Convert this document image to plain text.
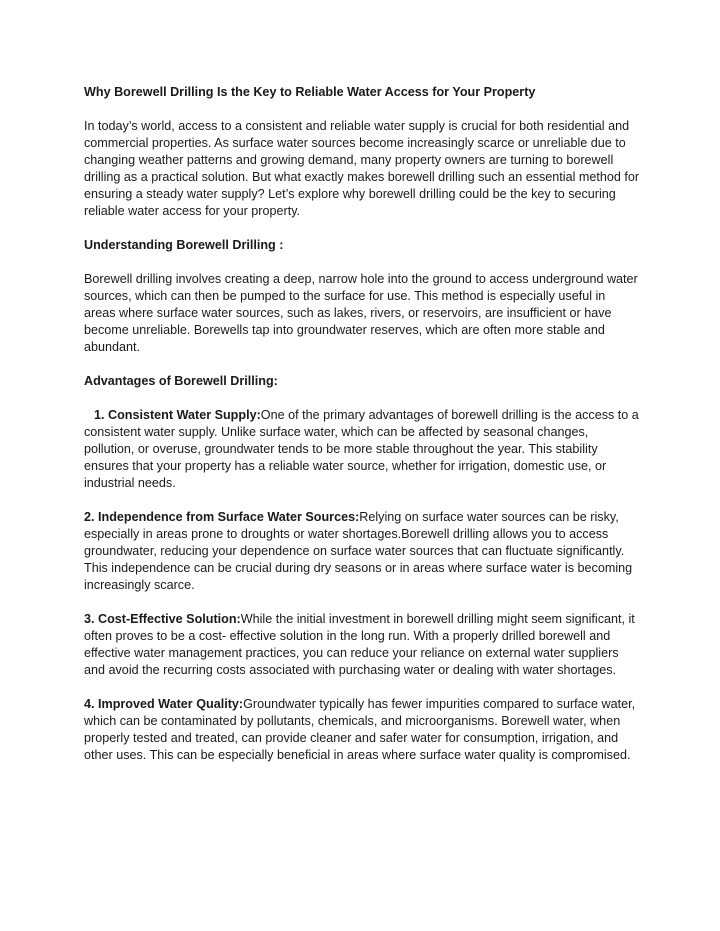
Why Borewell Drilling Is the Key to Reliable Water Access for Your Property

In today’s world, access to a consistent and reliable water supply is crucial for both residential and commercial properties. As surface water sources become increasingly scarce or unreliable due to changing weather patterns and growing demand, many property owners are turning to borewell drilling as a practical solution. But what exactly makes borewell drilling such an essential method for ensuring a steady water supply? Let’s explore why borewell drilling could be the key to securing reliable water access for your property.

Understanding Borewell Drilling :

Borewell drilling involves creating a deep, narrow hole into the ground to access underground water sources, which can then be pumped to the surface for use. This method is especially useful in areas where surface water sources, such as lakes, rivers, or reservoirs, are insufficient or have become unreliable. Borewells tap into groundwater reserves, which are often more stable and abundant.

Advantages of Borewell Drilling:

1. Consistent Water Supply:One of the primary advantages of borewell drilling is the access to a consistent water supply. Unlike surface water, which can be affected by seasonal changes, pollution, or overuse, groundwater tends to be more stable throughout the year. This stability ensures that your property has a reliable water source, whether for irrigation, domestic use, or industrial needs.

2. Independence from Surface Water Sources:Relying on surface water sources can be risky, especially in areas prone to droughts or water shortages.Borewell drilling allows you to access groundwater, reducing your dependence on surface water sources that can fluctuate significantly. This independence can be crucial during dry seasons or in areas where surface water is becoming increasingly scarce.

3. Cost-Effective Solution:While the initial investment in borewell drilling might seem significant, it often proves to be a cost- effective solution in the long run. With a properly drilled borewell and effective water management practices, you can reduce your reliance on external water suppliers and avoid the recurring costs associated with purchasing water or dealing with water shortages.

4. Improved Water Quality:Groundwater typically has fewer impurities compared to surface water, which can be contaminated by pollutants, chemicals, and microorganisms. Borewell water, when properly tested and treated, can provide cleaner and safer water for consumption, irrigation, and other uses. This can be especially beneficial in areas where surface water quality is compromised.
